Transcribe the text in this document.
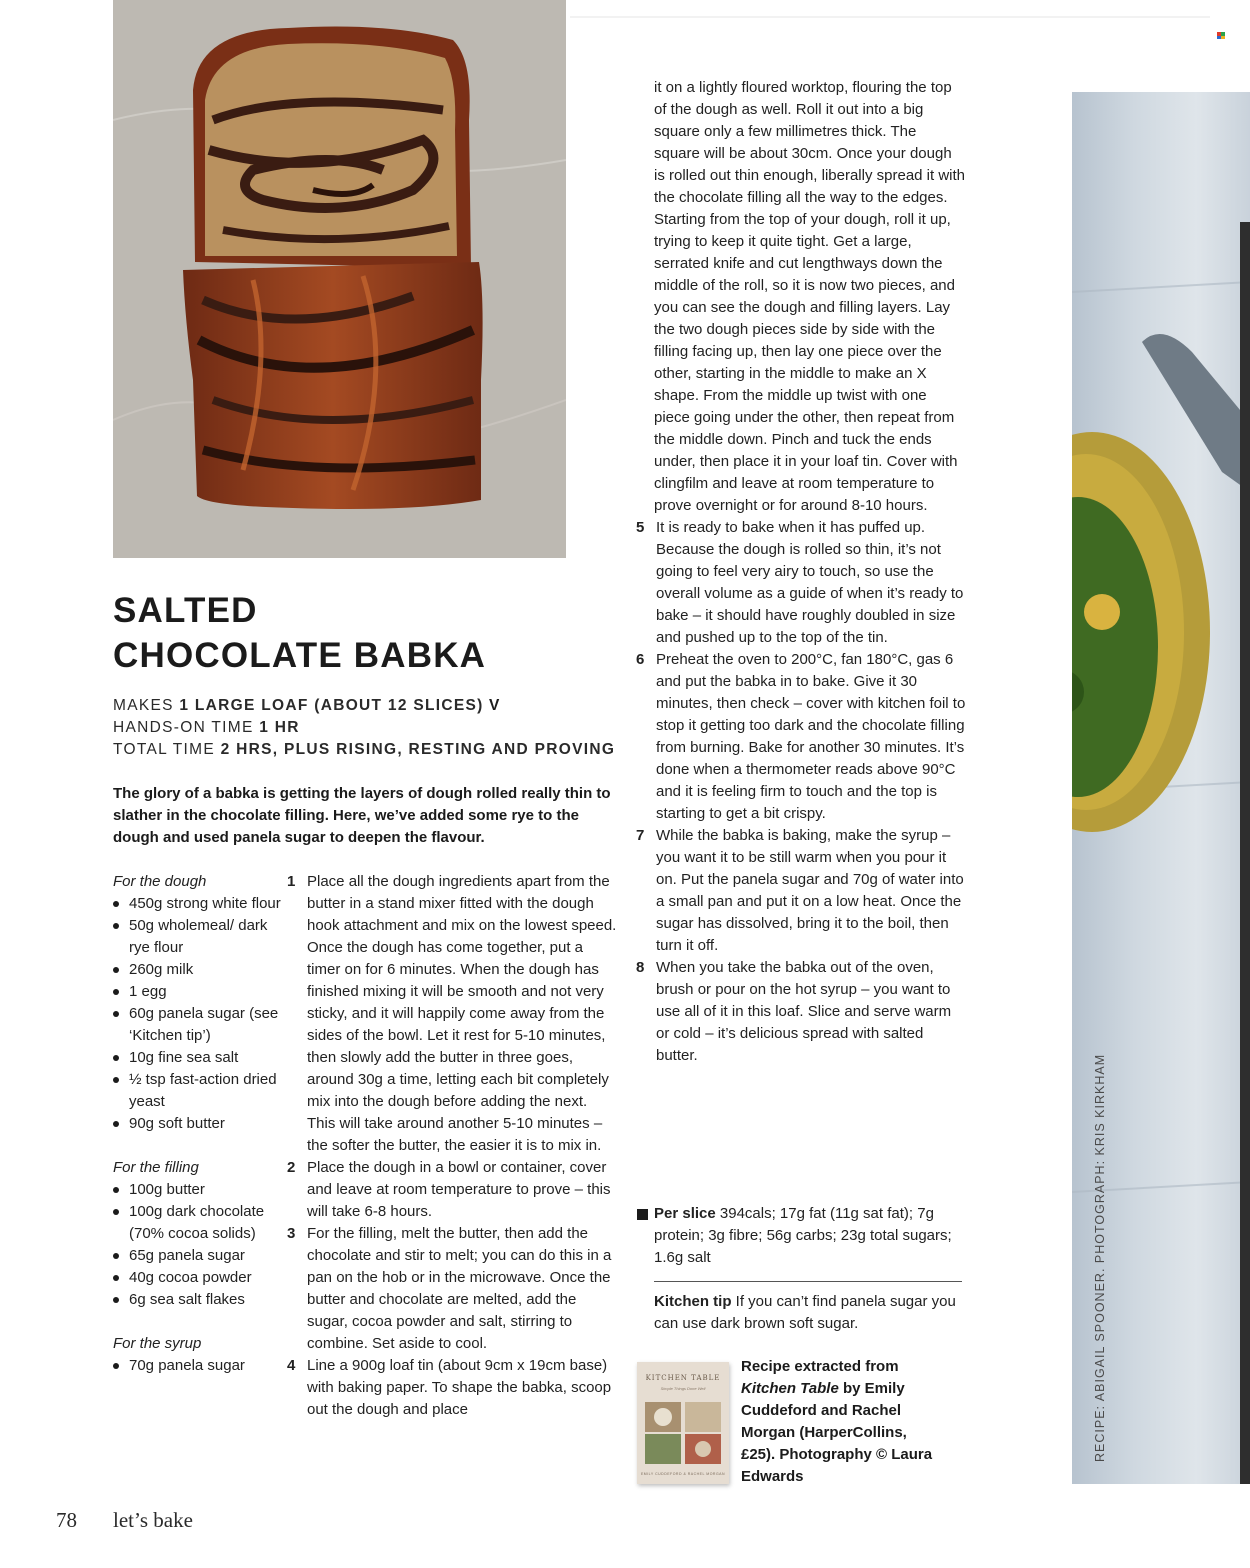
RECIPE: ABIGAIL SPOONER. PHOTOGRAPH: KRIS KIRKHAM
SALTED
CHOCOLATE BABKA
MAKES 1 LARGE LOAF (ABOUT 12 SLICES) V
HANDS-ON TIME 1 HR
TOTAL TIME 2 HRS, PLUS RISING, RESTING AND PROVING

The glory of a babka is getting the layers of dough rolled really thin to slather in the chocolate filling. Here, we’ve added some rye to the dough and used panela sugar to deepen the flavour.

For the dough

450g strong white flour
50g wholemeal/ dark rye flour
260g milk
1 egg
60g panela sugar (see ‘Kitchen tip’)
10g fine sea salt
½ tsp fast-action dried yeast
90g soft butter

For the filling

100g butter
100g dark chocolate (70% cocoa solids)
65g panela sugar
40g cocoa powder
6g sea salt flakes

For the syrup

70g panela sugar
1 Place all the dough ingredients apart from the butter in a stand mixer fitted with the dough hook attachment and mix on the lowest speed. Once the dough has come together, put a timer on for 6 minutes. When the dough has finished mixing it will be smooth and not very sticky, and it will happily come away from the sides of the bowl. Let it rest for 5-10 minutes, then slowly add the butter in three goes, around 30g a time, letting each bit completely mix into the dough before adding the next. This will take around another 5-10 minutes – the softer the butter, the easier it is to mix in.
2 Place the dough in a bowl or container, cover and leave at room temperature to prove – this will take 6-8 hours.
3 For the filling, melt the butter, then add the chocolate and stir to melt; you can do this in a pan on the hob or in the microwave. Once the butter and chocolate are melted, add the sugar, cocoa powder and salt, stirring to combine. Set aside to cool.
4 Line a 900g loaf tin (about 9cm x 19cm base) with baking paper. To shape the babka, scoop out the dough and place
it on a lightly floured worktop, flouring the top of the dough as well. Roll it out into a big square only a few millimetres thick. The square will be about 30cm. Once your dough is rolled out thin enough, liberally spread it with the chocolate filling all the way to the edges. Starting from the top of your dough, roll it up, trying to keep it quite tight. Get a large, serrated knife and cut lengthways down the middle of the roll, so it is now two pieces, and you can see the dough and filling layers. Lay the two dough pieces side by side with the filling facing up, then lay one piece over the other, starting in the middle to make an X shape. From the middle up twist with one piece going under the other, then repeat from the middle down. Pinch and tuck the ends under, then place it in your loaf tin. Cover with clingfilm and leave at room temperature to prove overnight or for around 8-10 hours.
5 It is ready to bake when it has puffed up. Because the dough is rolled so thin, it’s not going to feel very airy to touch, so use the overall volume as a guide of when it’s ready to bake – it should have roughly doubled in size and pushed up to the top of the tin.
6 Preheat the oven to 200°C, fan 180°C, gas 6 and put the babka in to bake. Give it 30 minutes, then check – cover with kitchen foil to stop it getting too dark and the chocolate filling from burning. Bake for another 30 minutes. It’s done when a thermometer reads above 90°C and it is feeling firm to touch and the top is starting to get a bit crispy.
7 While the babka is baking, make the syrup – you want it to be still warm when you pour it on. Put the panela sugar and 70g of water into a small pan and put it on a low heat. Once the sugar has dissolved, bring it to the boil, then turn it off.
8 When you take the babka out of the oven, brush or pour on the hot syrup – you want to use all of it in this loaf. Slice and serve warm or cold – it’s delicious spread with salted butter.

Per slice 394cals; 17g fat (11g sat fat); 7g protein; 3g fibre; 56g carbs; 23g total sugars; 1.6g salt

Kitchen tip If you can’t find panela sugar you can use dark brown soft sugar.

KITCHEN TABLE
Simple Things Done Well
EMILY CUDDEFORD & RACHEL MORGAN

Recipe extracted from Kitchen Table by Emily Cuddeford and Rachel Morgan (HarperCollins, £25). Photography © Laura Edwards

78 let’s bake
